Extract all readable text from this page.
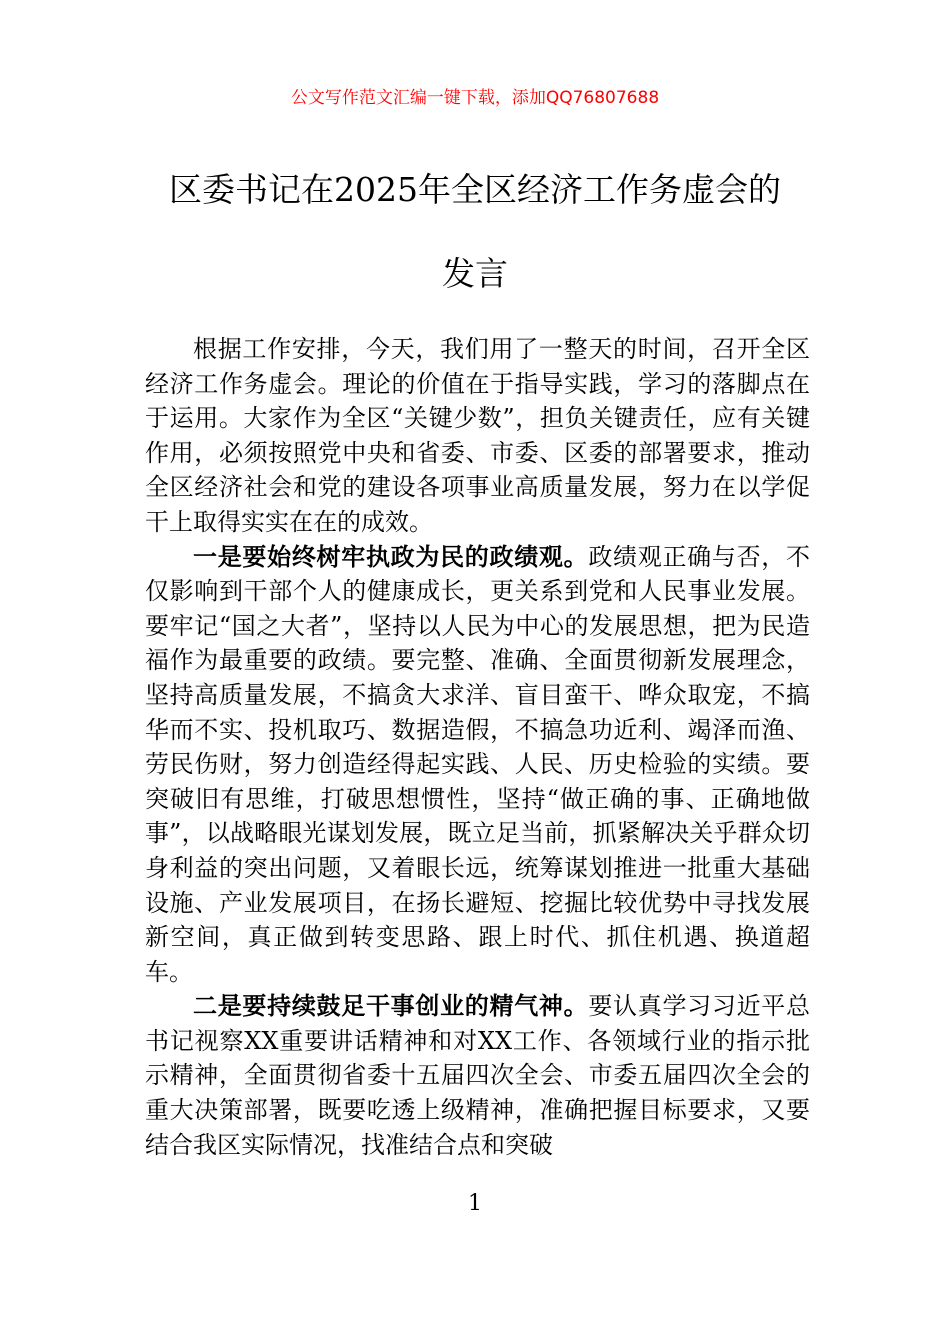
公文写作范文汇编一键下载，添加QQ76807688
区委书记在2025年全区经济工作务虚会的
发言

根据工作安排，今天，我们用了一整天的时间，召开全区经济工作务虚会。理论的价值在于指导实践，学习的落脚点在于运用。大家作为全区“关键少数”，担负关键责任，应有关键作用，必须按照党中央和省委、市委、区委的部署要求，推动全区经济社会和党的建设各项事业高质量发展，努力在以学促干上取得实实在在的成效。

一是要始终树牢执政为民的政绩观。政绩观正确与否，不仅影响到干部个人的健康成长，更关系到党和人民事业发展。要牢记“国之大者”，坚持以人民为中心的发展思想，把为民造福作为最重要的政绩。要完整、准确、全面贯彻新发展理念，坚持高质量发展，不搞贪大求洋、盲目蛮干、哗众取宠，不搞华而不实、投机取巧、数据造假，不搞急功近利、竭泽而渔、劳民伤财，努力创造经得起实践、人民、历史检验的实绩。要突破旧有思维，打破思想惯性，坚持“做正确的事、正确地做事”，以战略眼光谋划发展，既立足当前，抓紧解决关乎群众切身利益的突出问题，又着眼长远，统筹谋划推进一批重大基础设施、产业发展项目，在扬长避短、挖掘比较优势中寻找发展新空间，真正做到转变思路、跟上时代、抓住机遇、换道超车。

二是要持续鼓足干事创业的精气神。要认真学习习近平总书记视察XX重要讲话精神和对XX工作、各领域行业的指示批示精神，全面贯彻省委十五届四次全会、市委五届四次全会的重大决策部署，既要吃透上级精神，准确把握目标要求，又要结合我区实际情况，找准结合点和突破

1
